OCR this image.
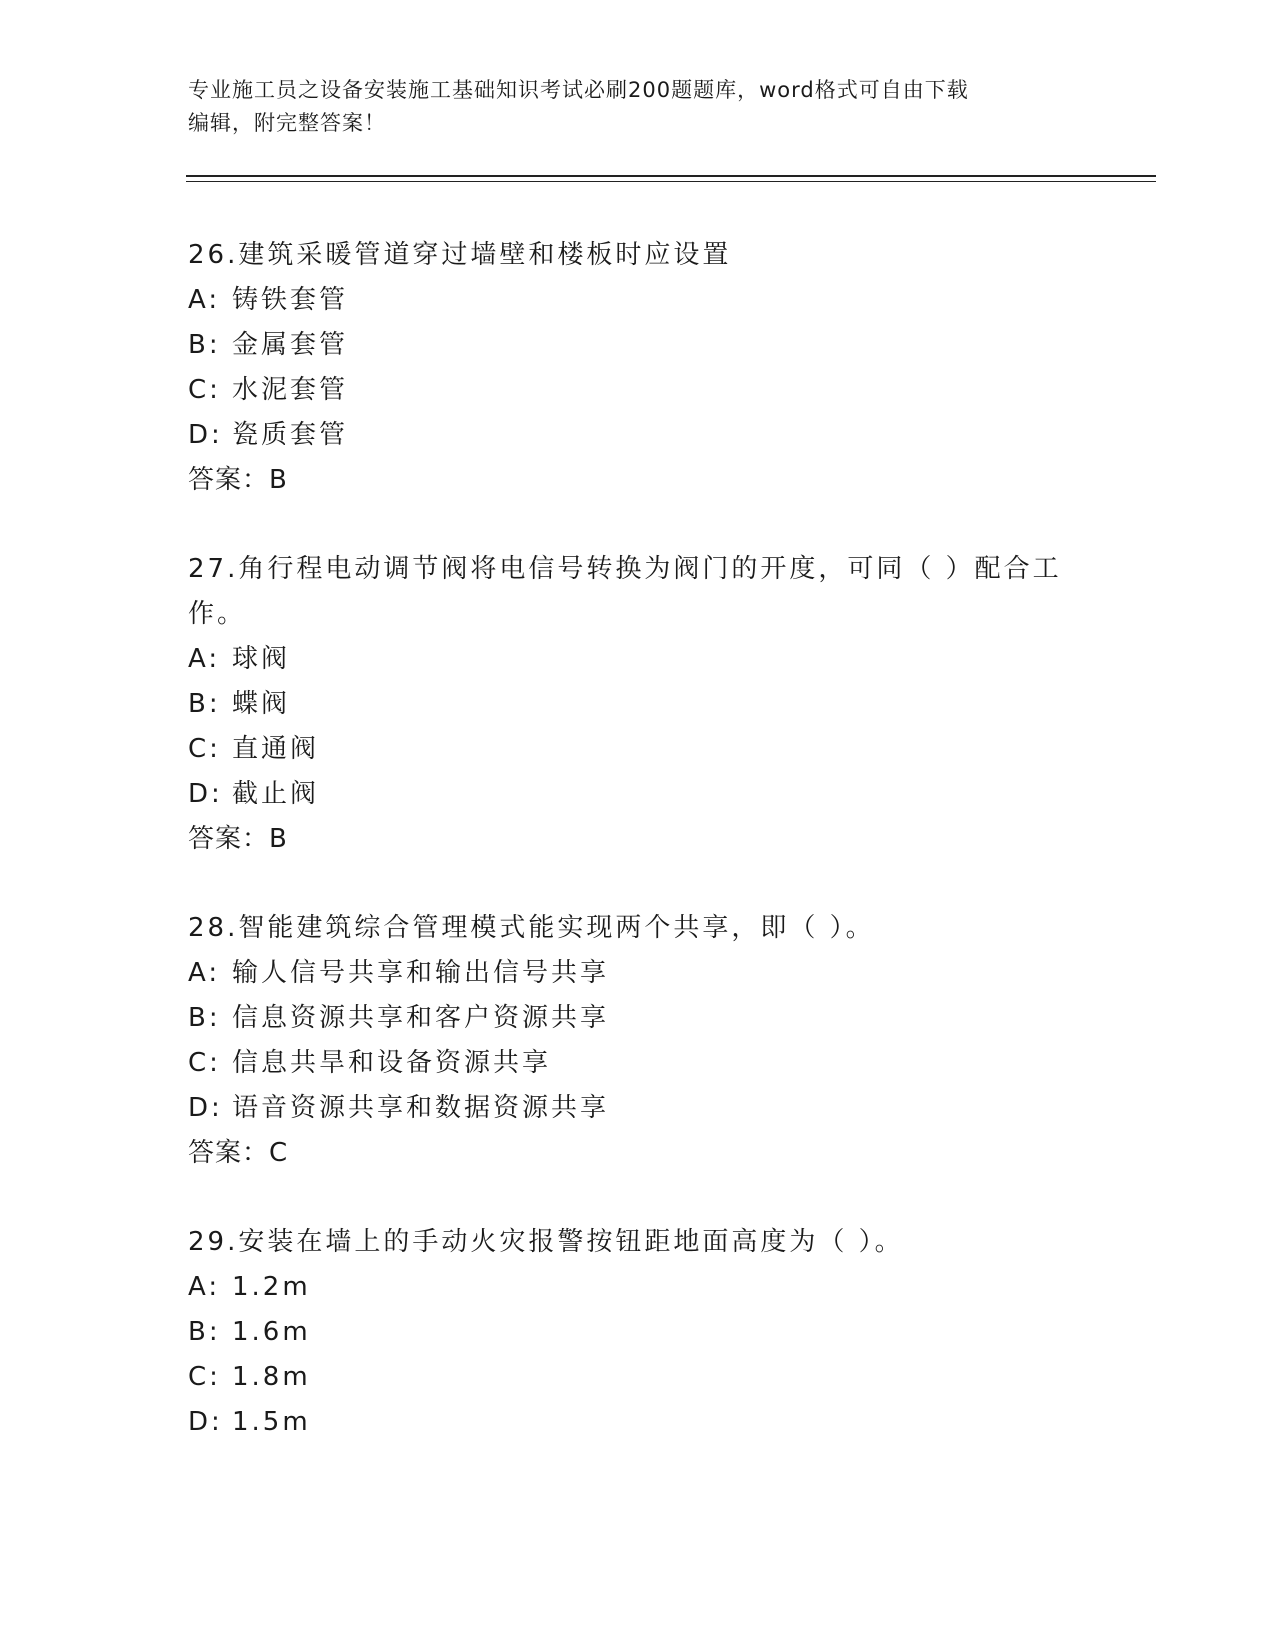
专业施工员之设备安装施工基础知识考试必刷200题题库，word格式可自由下载
编辑，附完整答案！
26.建筑采暖管道穿过墙壁和楼板时应设置
A: 铸铁套管
B: 金属套管
C: 水泥套管
D: 瓷质套管
答案：B
27.角行程电动调节阀将电信号转换为阀门的开度，可同（ ）配合工作。
A: 球阀
B: 蝶阀
C: 直通阀
D: 截止阀
答案：B
28.智能建筑综合管理模式能实现两个共享，即（ ）。
A: 输人信号共享和输出信号共享
B: 信息资源共享和客户资源共享
C: 信息共旱和设备资源共享
D: 语音资源共享和数据资源共享
答案：C
29.安装在墙上的手动火灾报警按钮距地面高度为（ ）。
A: 1.2m
B: 1.6m
C: 1.8m
D: 1.5m
